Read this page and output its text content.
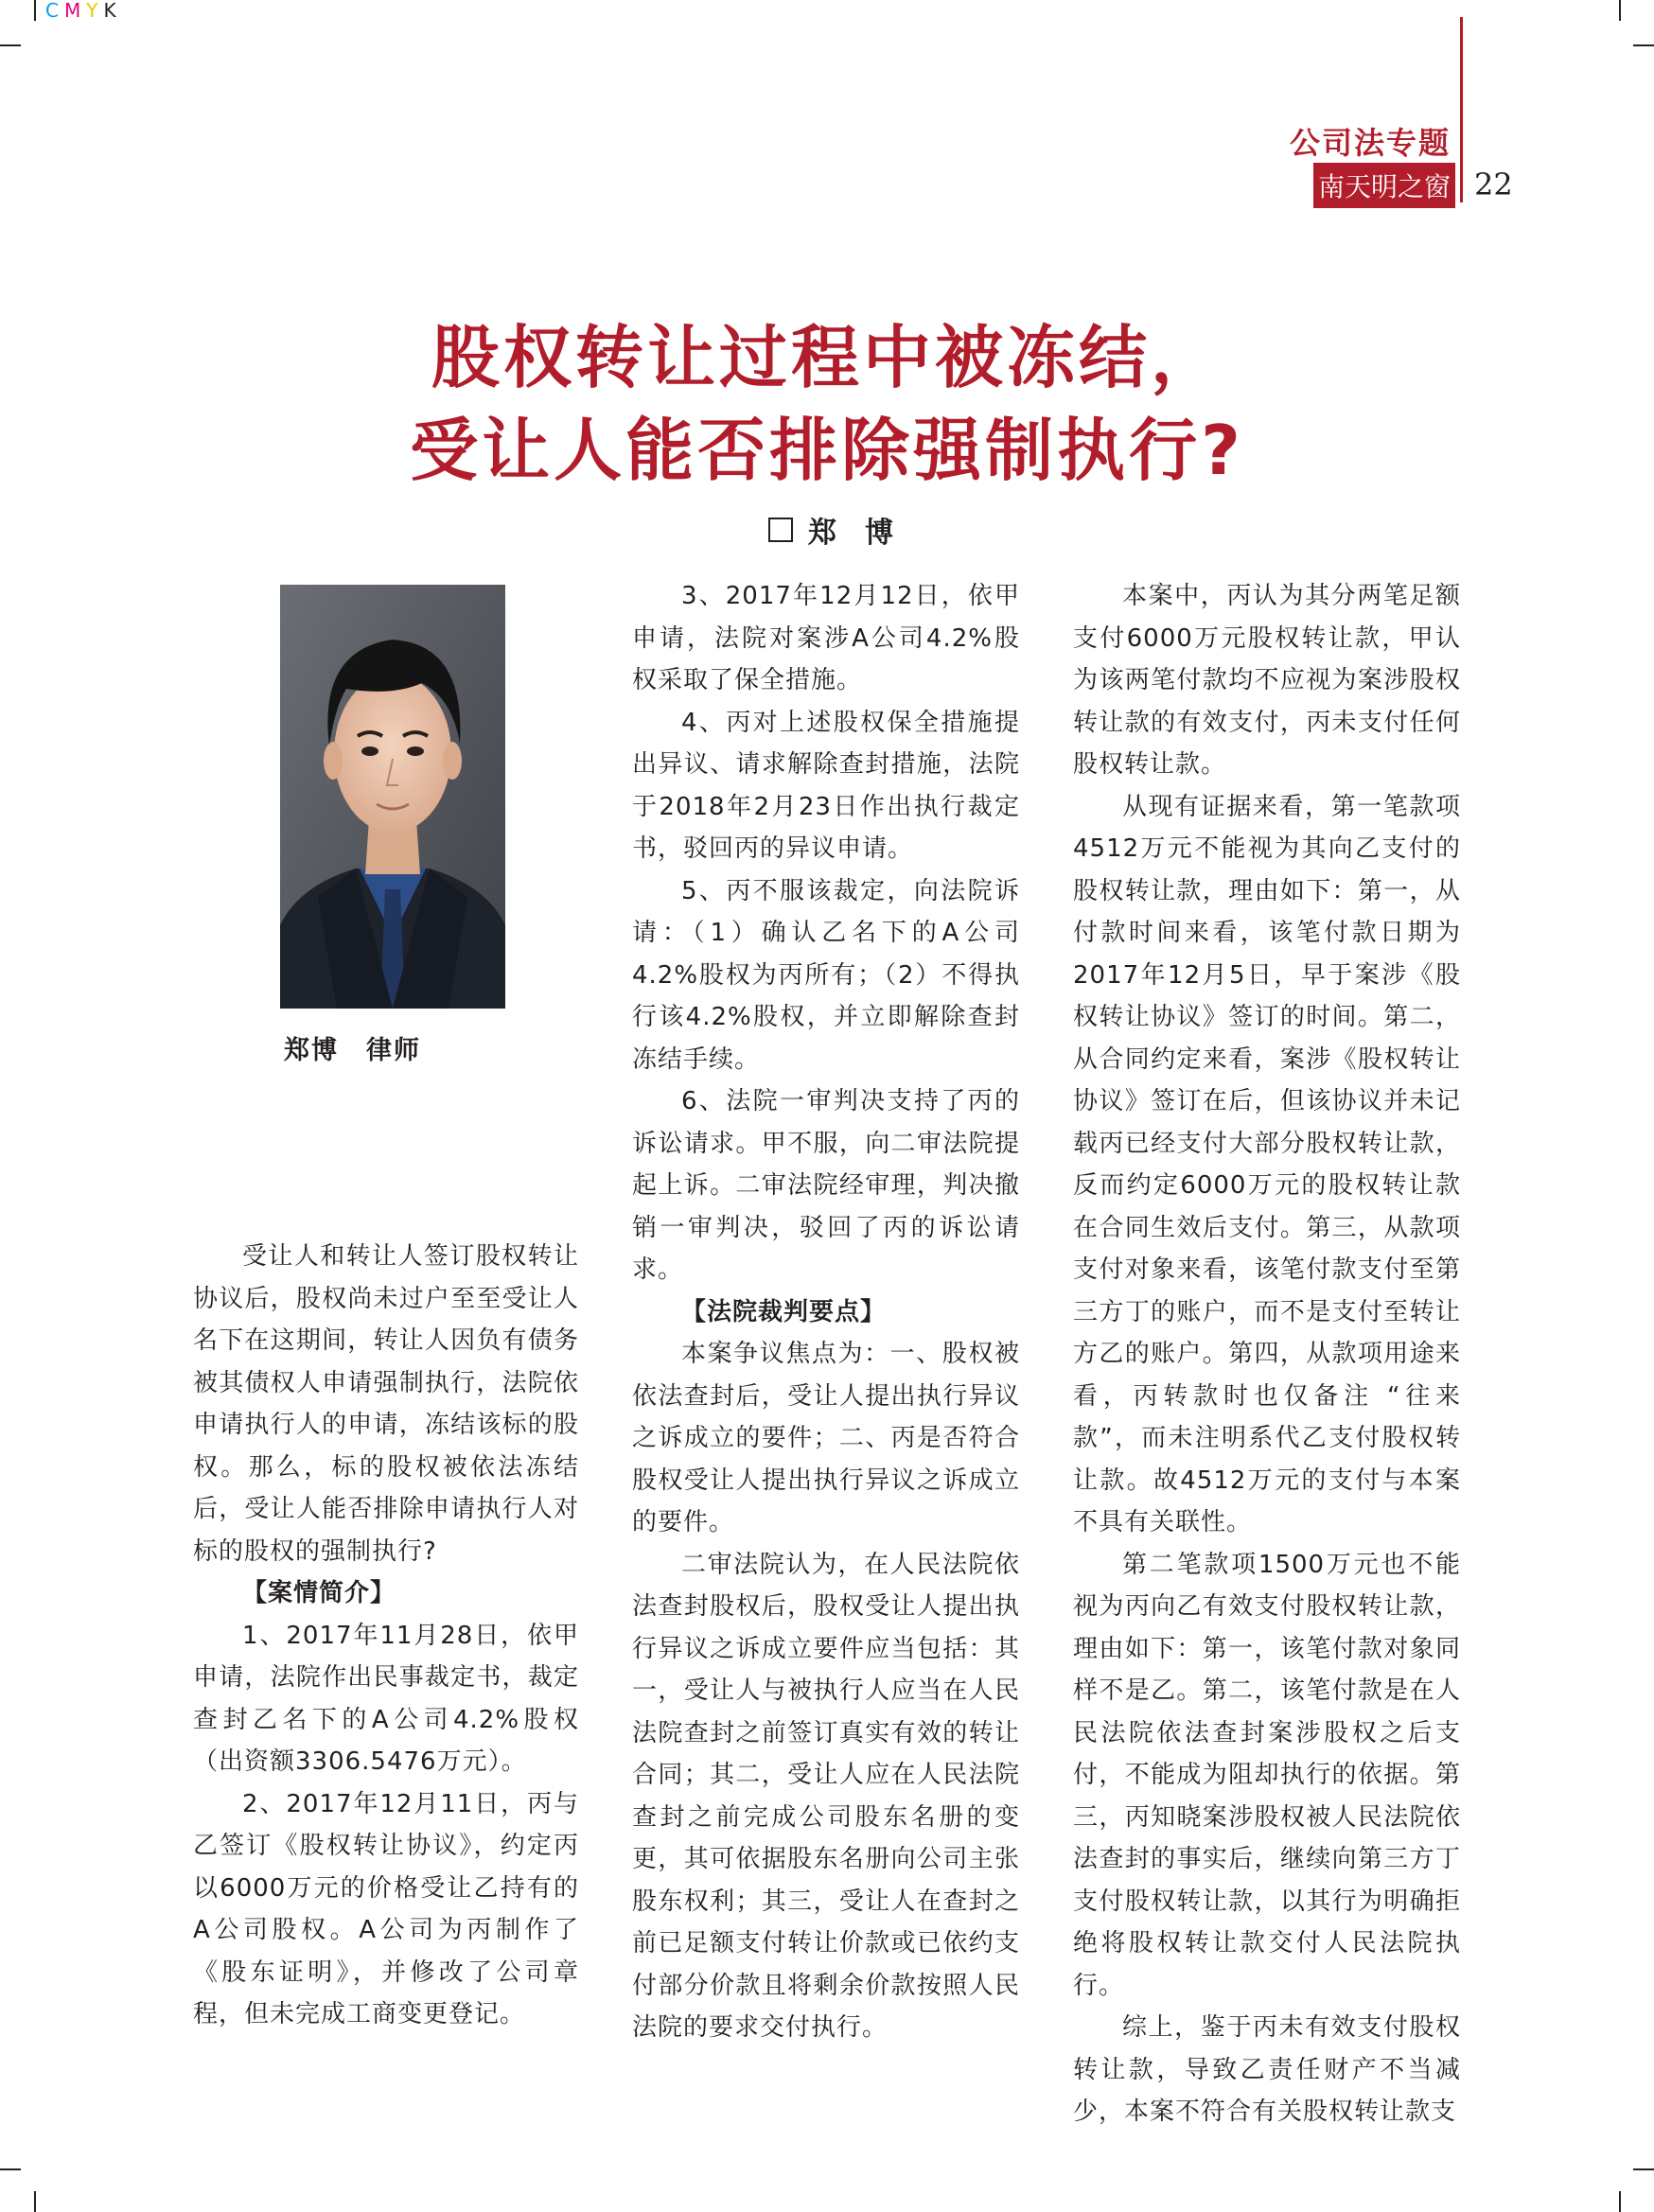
C M Y K
公司法专题
南天明之窗 22
股权转让过程中被冻结，
受让人能否排除强制执行?
郑　博
郑博　律师

受让人和转让人签订股权转让协议后，股权尚未过户至至受让人名下在这期间，转让人因负有债务被其债权人申请强制执行，法院依申请执行人的申请，冻结该标的股权。那么，标的股权被依法冻结后，受让人能否排除申请执行人对标的股权的强制执行?

【案情简介】

1、2017年11月28日，依甲申请，法院作出民事裁定书，裁定查封乙名下的A公司4.2%股权（出资额3306.5476万元）。

2、2017年12月11日，丙与乙签订《股权转让协议》，约定丙以6000万元的价格受让乙持有的A公司股权。A公司为丙制作了《股东证明》，并修改了公司章程，但未完成工商变更登记。

3、2017年12月12日，依甲申请，法院对案涉A公司4.2%股权采取了保全措施。

4、丙对上述股权保全措施提出异议、请求解除查封措施，法院于2018年2月23日作出执行裁定书，驳回丙的异议申请。

5、丙不服该裁定，向法院诉请：（1）确认乙名下的A公司4.2%股权为丙所有；（2）不得执行该4.2%股权，并立即解除查封冻结手续。

6、法院一审判决支持了丙的诉讼请求。甲不服，向二审法院提起上诉。二审法院经审理，判决撤销一审判决，驳回了丙的诉讼请求。

【法院裁判要点】

本案争议焦点为：一、股权被依法查封后，受让人提出执行异议之诉成立的要件；二、丙是否符合股权受让人提出执行异议之诉成立的要件。

二审法院认为，在人民法院依法查封股权后，股权受让人提出执行异议之诉成立要件应当包括：其一，受让人与被执行人应当在人民法院查封之前签订真实有效的转让合同；其二，受让人应在人民法院查封之前完成公司股东名册的变更，其可依据股东名册向公司主张股东权利；其三，受让人在查封之前已足额支付转让价款或已依约支付部分价款且将剩余价款按照人民法院的要求交付执行。

本案中，丙认为其分两笔足额支付6000万元股权转让款，甲认为该两笔付款均不应视为案涉股权转让款的有效支付，丙未支付任何股权转让款。

从现有证据来看，第一笔款项4512万元不能视为其向乙支付的股权转让款，理由如下：第一，从付款时间来看，该笔付款日期为2017年12月5日，早于案涉《股权转让协议》签订的时间。第二，从合同约定来看，案涉《股权转让协议》签订在后，但该协议并未记载丙已经支付大部分股权转让款，反而约定6000万元的股权转让款在合同生效后支付。第三，从款项支付对象来看，该笔付款支付至第三方丁的账户，而不是支付至转让方乙的账户。第四，从款项用途来看，丙转款时也仅备注 “往来款”，而未注明系代乙支付股权转让款。故4512万元的支付与本案不具有关联性。

第二笔款项1500万元也不能视为丙向乙有效支付股权转让款，理由如下：第一，该笔付款对象同样不是乙。第二，该笔付款是在人民法院依法查封案涉股权之后支付，不能成为阻却执行的依据。第三，丙知晓案涉股权被人民法院依法查封的事实后，继续向第三方丁支付股权转让款，以其行为明确拒绝将股权转让款交付人民法院执行。

综上，鉴于丙未有效支付股权转让款，导致乙责任财产不当减少，本案不符合有关股权转让款支
